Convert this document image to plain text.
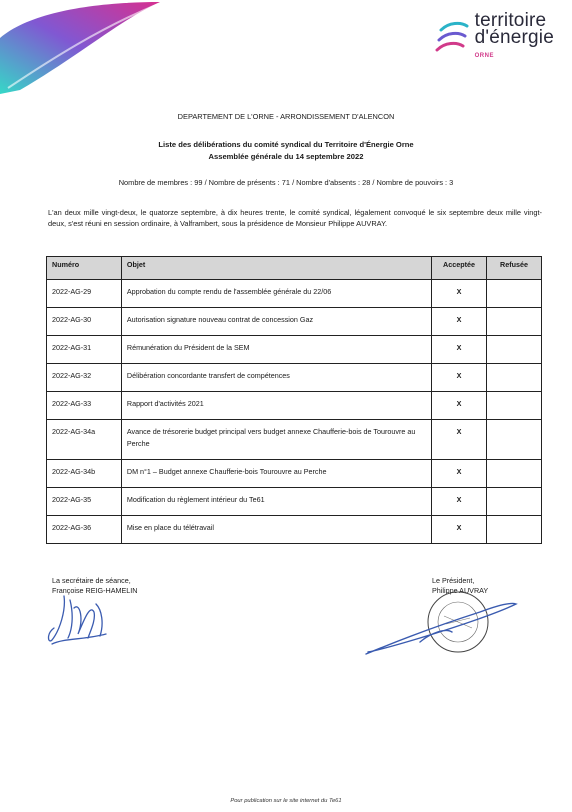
territoire
d'énergie
ORNE
DEPARTEMENT DE L'ORNE - ARRONDISSEMENT D'ALENCON
Liste des délibérations du comité syndical du Territoire d'Énergie Orne
Assemblée générale du 14 septembre 2022
Nombre de membres : 99 / Nombre de présents : 71 / Nombre d'absents : 28 / Nombre de pouvoirs : 3
L'an deux mille vingt-deux, le quatorze septembre, à dix heures trente, le comité syndical, légalement convoqué le six septembre deux mille vingt-deux, s'est réuni en session ordinaire, à Valframbert, sous la présidence de Monsieur Philippe AUVRAY.
Numéro	Objet	Acceptée	Refusée
2022-AG-29	Approbation du compte rendu de l'assemblée générale du 22/06	X	
2022-AG-30	Autorisation signature nouveau contrat de concession Gaz	X	
2022-AG-31	Rémunération du Président de la SEM	X	
2022-AG-32	Délibération concordante transfert de compétences	X	
2022-AG-33	Rapport d'activités 2021	X	
2022-AG-34a	Avance de trésorerie budget principal vers budget annexe Chaufferie-bois de Tourouvre au Perche	X	
2022-AG-34b	DM n°1 – Budget annexe Chaufferie-bois Tourouvre au Perche	X	
2022-AG-35	Modification du règlement intérieur du Te61	X	
2022-AG-36	Mise en place du télétravail	X	
La secrétaire de séance,
Françoise REIG-HAMELIN
Le Président,
Philippe AUVRAY
Pour publication sur le site internet du Te61
